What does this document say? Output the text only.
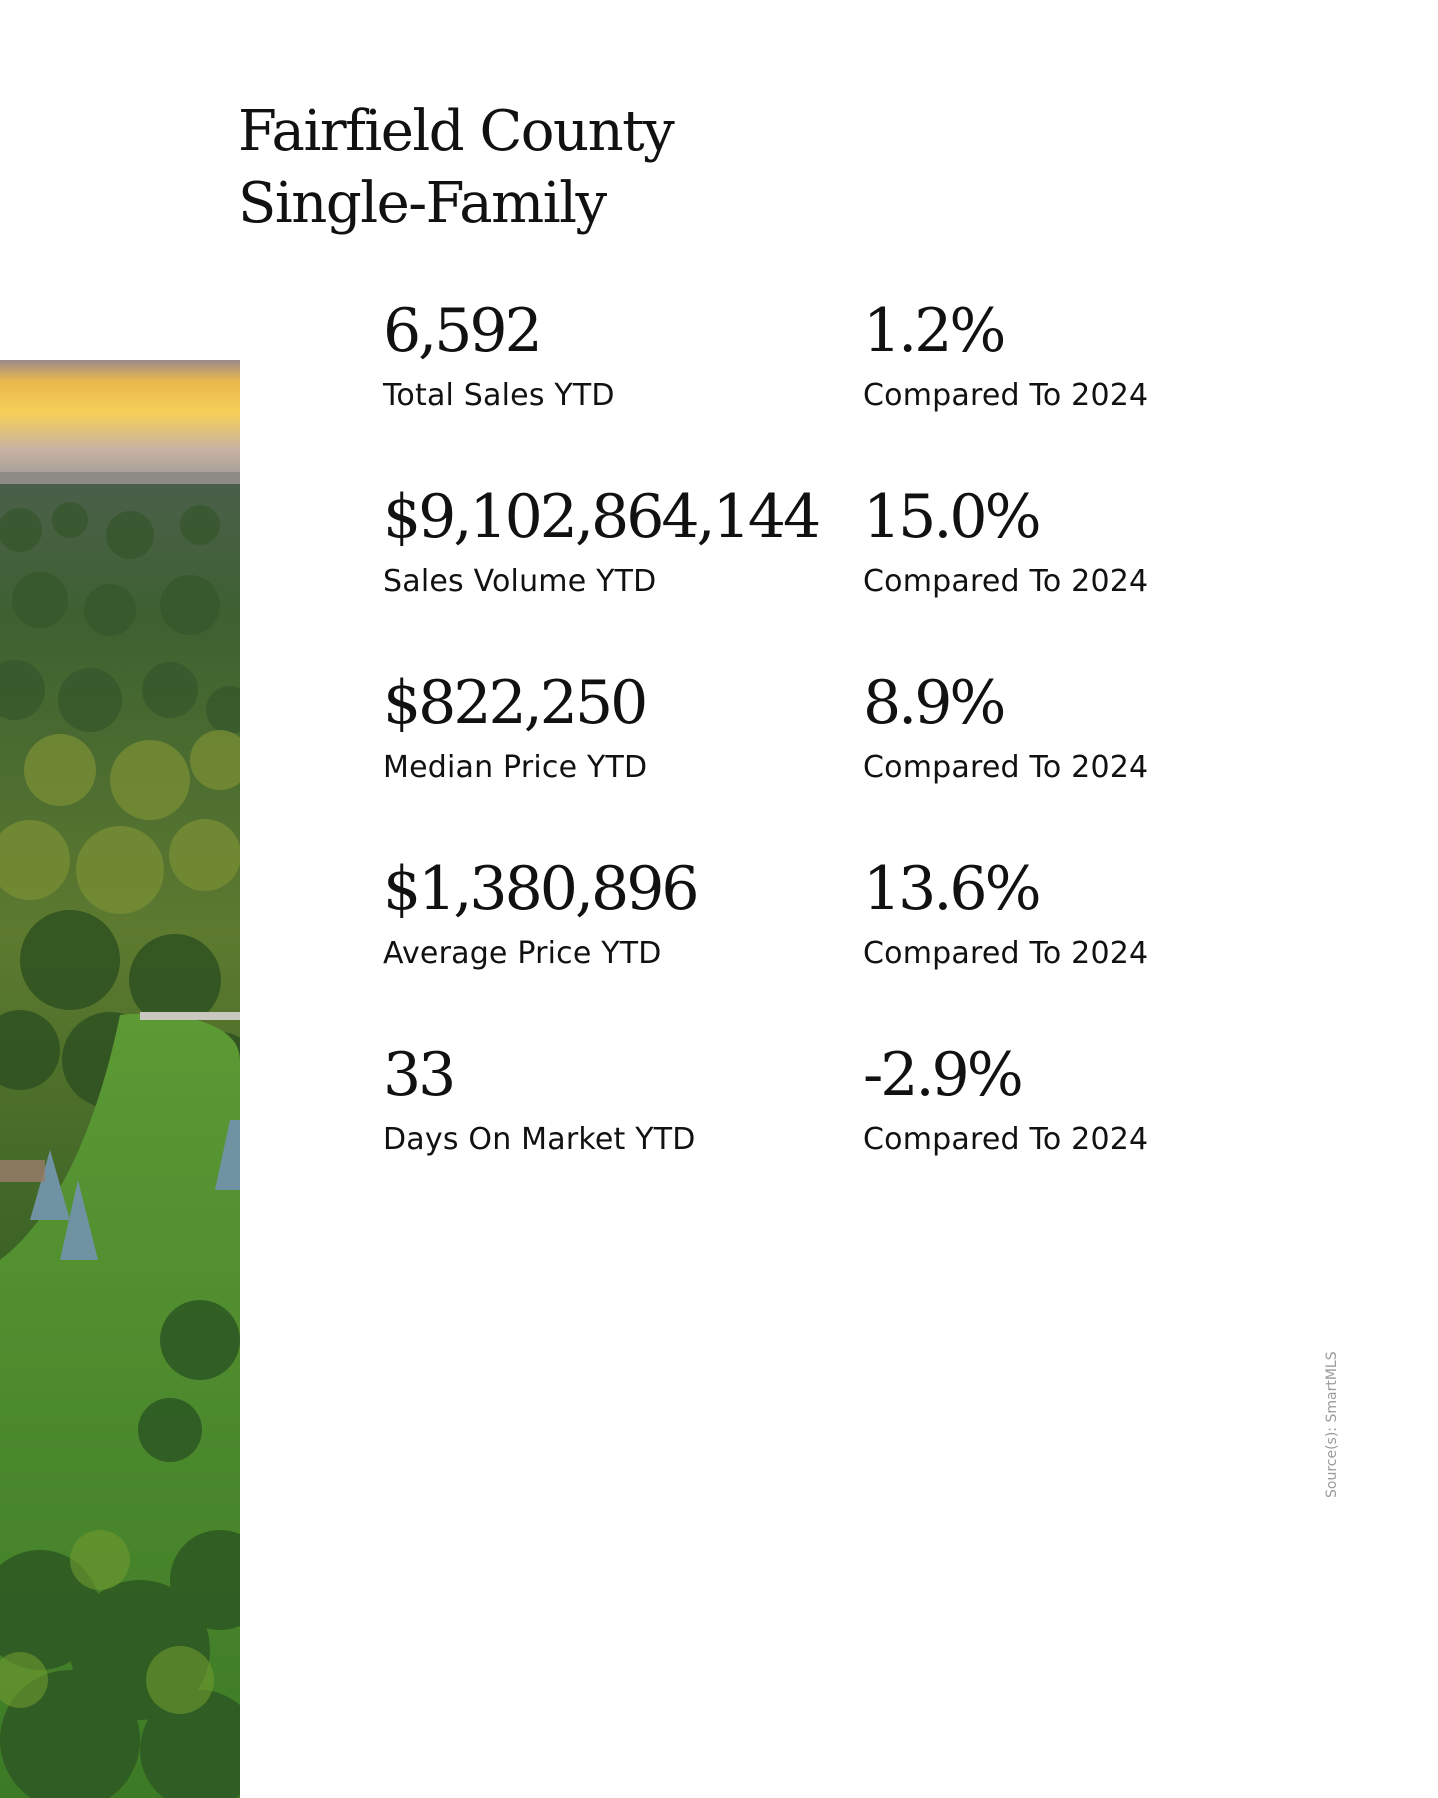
Fairfield County
Single-Family
6,592
Total Sales YTD
1.2%
Compared To 2024
$9,102,864,144
Sales Volume YTD
15.0%
Compared To 2024
$822,250
Median Price YTD
8.9%
Compared To 2024
$1,380,896
Average Price YTD
13.6%
Compared To 2024
33
Days On Market YTD
-2.9%
Compared To 2024
Source(s): SmartMLS
